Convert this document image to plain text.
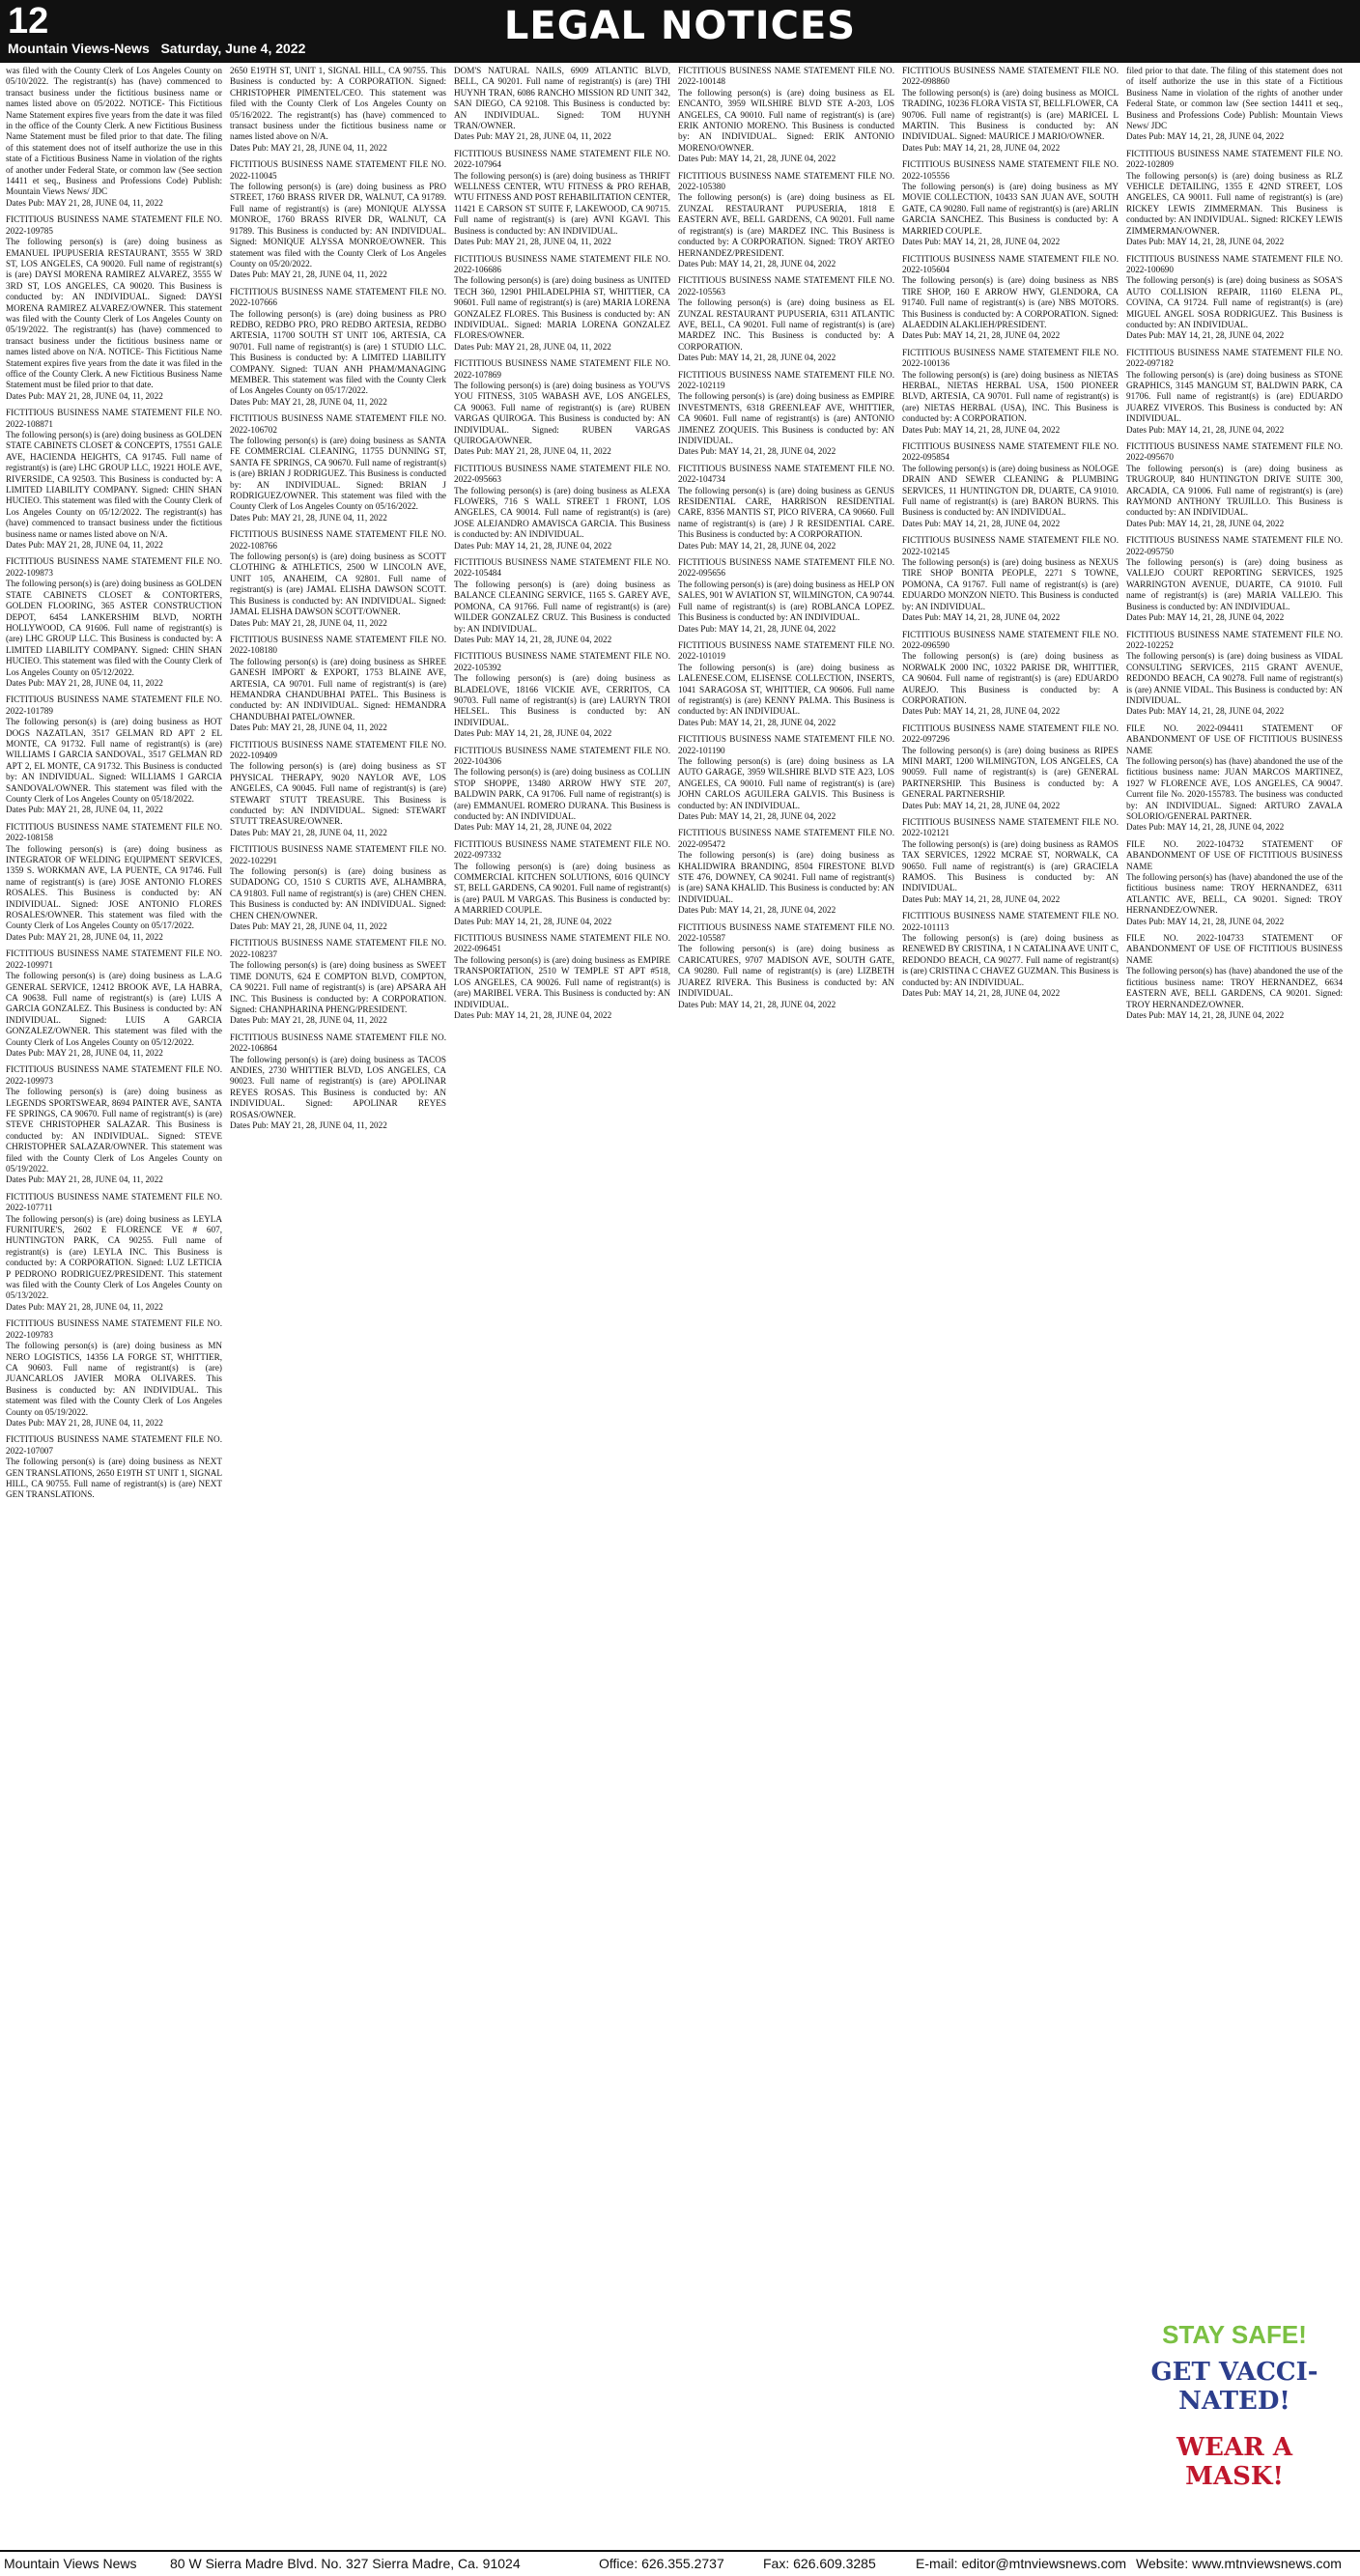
12	LEGAL NOTICES
Mountain Views-News Saturday, June 4, 2022

was filed with the County Clerk of Los Angeles County on 05/10/2022. The registrant(s) has (have) commenced to transact business under the fictitious business name or names listed above on 05/2022. NOTICE- This Fictitious Name Statement expires five years from the date it was filed in the office of the County Clerk. A new Fictitious Business Name Statement must be filed prior to that date. The filing of this statement does not of itself authorize the use in this state of a Fictitious Business Name in violation of the rights of another under Federal State, or common law (See section 14411 et seq., Business and Professions Code) Publish: Mountain Views News/ JDC
Dates Pub: MAY 21, 28, JUNE 04, 11, 2022

FICTITIOUS BUSINESS NAME STATEMENT FILE NO. 2022-109785

The following person(s) is (are) doing business as EMANUEL IPUPUSERIA RESTAURANT, 3555 W 3RD ST, LOS ANGELES, CA 90020. Full name of registrant(s) is (are) DAYSI MORENA RAMIREZ ALVAREZ, 3555 W 3RD ST, LOS ANGELES, CA 90020. This Business is conducted by: AN INDIVIDUAL. Signed: DAYSI MORENA RAMIREZ ALVAREZ/OWNER. This statement was filed with the County Clerk of Los Angeles County on 05/19/2022. The registrant(s) has (have) commenced to transact business under the fictitious business name or names listed above on N/A. NOTICE- This Fictitious Name Statement expires five years from the date it was filed in the office of the County Clerk. A new Fictitious Business Name Statement must be filed prior to that date.
Dates Pub: MAY 21, 28, JUNE 04, 11, 2022

FICTITIOUS BUSINESS NAME STATEMENT FILE NO. 2022-108871

The following person(s) is (are) doing business as GOLDEN STATE CABINETS CLOSET & CONCEPTS, 17551 GALE AVE, HACIENDA HEIGHTS, CA 91745. Full name of registrant(s) is (are) LHC GROUP LLC, 19221 HOLE AVE, RIVERSIDE, CA 92503. This Business is conducted by: A LIMITED LIABILITY COMPANY. Signed: CHIN SHAN HUCIEO. This statement was filed with the County Clerk of Los Angeles County on 05/12/2022. The registrant(s) has (have) commenced to transact business under the fictitious business name or names listed above on N/A.
Dates Pub: MAY 21, 28, JUNE 04, 11, 2022

FICTITIOUS BUSINESS NAME STATEMENT FILE NO. 2022-109873

The following person(s) is (are) doing business as GOLDEN STATE CABINETS CLOSET & CONTORTERS, GOLDEN FLOORING, 365 ASTER CONSTRUCTION DEPOT, 6454 LANKERSHIM BLVD, NORTH HOLLYWOOD, CA 91606. Full name of registrant(s) is (are) LHC GROUP LLC. This Business is conducted by: A LIMITED LIABILITY COMPANY. Signed: CHIN SHAN HUCIEO. This statement was filed with the County Clerk of Los Angeles County on 05/12/2022.
Dates Pub: MAY 21, 28, JUNE 04, 11, 2022

FICTITIOUS BUSINESS NAME STATEMENT FILE NO. 2022-101789

The following person(s) is (are) doing business as HOT DOGS NAZATLAN, 3517 GELMAN RD APT 2 EL MONTE, CA 91732. Full name of registrant(s) is (are) WILLIAMS I GARCIA SANDOVAL, 3517 GELMAN RD APT 2, EL MONTE, CA 91732. This Business is conducted by: AN INDIVIDUAL. Signed: WILLIAMS I GARCIA SANDOVAL/OWNER. This statement was filed with the County Clerk of Los Angeles County on 05/18/2022.
Dates Pub: MAY 21, 28, JUNE 04, 11, 2022

FICTITIOUS BUSINESS NAME STATEMENT FILE NO. 2022-108158

The following person(s) is (are) doing business as INTEGRATOR OF WELDING EQUIPMENT SERVICES, 1359 S. WORKMAN AVE, LA PUENTE, CA 91746. Full name of registrant(s) is (are) JOSE ANTONIO FLORES ROSALES. This Business is conducted by: AN INDIVIDUAL. Signed: JOSE ANTONIO FLORES ROSALES/OWNER. This statement was filed with the County Clerk of Los Angeles County on 05/17/2022.
Dates Pub: MAY 21, 28, JUNE 04, 11, 2022

FICTITIOUS BUSINESS NAME STATEMENT FILE NO. 2022-109971

The following person(s) is (are) doing business as L.A.G GENERAL SERVICE, 12412 BROOK AVE, LA HABRA, CA 90638. Full name of registrant(s) is (are) LUIS A GARCIA GONZALEZ. This Business is conducted by: AN INDIVIDUAL. Signed: LUIS A GARCIA GONZALEZ/OWNER. This statement was filed with the County Clerk of Los Angeles County on 05/12/2022.
Dates Pub: MAY 21, 28, JUNE 04, 11, 2022

FICTITIOUS BUSINESS NAME STATEMENT FILE NO. 2022-109973

The following person(s) is (are) doing business as LEGENDS SPORTSWEAR, 8694 PAINTER AVE, SANTA FE SPRINGS, CA 90670. Full name of registrant(s) is (are) STEVE CHRISTOPHER SALAZAR. This Business is conducted by: AN INDIVIDUAL. Signed: STEVE CHRISTOPHER SALAZAR/OWNER. This statement was filed with the County Clerk of Los Angeles County on 05/19/2022.
Dates Pub: MAY 21, 28, JUNE 04, 11, 2022

FICTITIOUS BUSINESS NAME STATEMENT FILE NO. 2022-107711

The following person(s) is (are) doing business as LEYLA FURNITURE'S, 2602 E FLORENCE VE # 607, HUNTINGTON PARK, CA 90255. Full name of registrant(s) is (are) LEYLA INC. This Business is conducted by: A CORPORATION. Signed: LUZ LETICIA P PEDRONO RODRIGUEZ/PRESIDENT. This statement was filed with the County Clerk of Los Angeles County on 05/13/2022.
Dates Pub: MAY 21, 28, JUNE 04, 11, 2022

FICTITIOUS BUSINESS NAME STATEMENT FILE NO. 2022-109783

The following person(s) is (are) doing business as MN NERO LOGISTICS, 14356 LA FORGE ST, WHITTIER, CA 90603. Full name of registrant(s) is (are) JUANCARLOS JAVIER MORA OLIVARES. This Business is conducted by: AN INDIVIDUAL. This statement was filed with the County Clerk of Los Angeles County on 05/19/2022.
Dates Pub: MAY 21, 28, JUNE 04, 11, 2022

FICTITIOUS BUSINESS NAME STATEMENT FILE NO. 2022-107007

The following person(s) is (are) doing business as NEXT GEN TRANSLATIONS, 2650 E19TH ST UNIT 1, SIGNAL HILL, CA 90755. Full name of registrant(s) is (are) NEXT GEN TRANSLATIONS.

2650 E19TH ST, UNIT 1, SIGNAL HILL, CA 90755. This Business is conducted by: A CORPORATION. Signed: CHRISTOPHER PIMENTEL/CEO. This statement was filed with the County Clerk of Los Angeles County on 05/16/2022. The registrant(s) has (have) commenced to transact business under the fictitious business name or names listed above on N/A.
Dates Pub: MAY 21, 28, JUNE 04, 11, 2022

FICTITIOUS BUSINESS NAME STATEMENT FILE NO. 2022-110045

The following person(s) is (are) doing business as PRO STREET, 1760 BRASS RIVER DR, WALNUT, CA 91789. Full name of registrant(s) is (are) MONIQUE ALYSSA MONROE, 1760 BRASS RIVER DR, WALNUT, CA 91789. This Business is conducted by: AN INDIVIDUAL. Signed: MONIQUE ALYSSA MONROE/OWNER. This statement was filed with the County Clerk of Los Angeles County on 05/20/2022.
Dates Pub: MAY 21, 28, JUNE 04, 11, 2022

FICTITIOUS BUSINESS NAME STATEMENT FILE NO. 2022-107666

The following person(s) is (are) doing business as PRO REDBO, REDBO PRO, PRO REDBO ARTESIA, REDBO ARTESIA, 11700 SOUTH ST UNIT 106, ARTESIA, CA 90701. Full name of registrant(s) is (are) 1 STUDIO LLC. This Business is conducted by: A LIMITED LIABILITY COMPANY. Signed: TUAN ANH PHAM/MANAGING MEMBER. This statement was filed with the County Clerk of Los Angeles County on 05/17/2022.
Dates Pub: MAY 21, 28, JUNE 04, 11, 2022

FICTITIOUS BUSINESS NAME STATEMENT FILE NO. 2022-106702

The following person(s) is (are) doing business as SANTA FE COMMERCIAL CLEANING, 11755 DUNNING ST, SANTA FE SPRINGS, CA 90670. Full name of registrant(s) is (are) BRIAN J RODRIGUEZ. This Business is conducted by: AN INDIVIDUAL. Signed: BRIAN J RODRIGUEZ/OWNER. This statement was filed with the County Clerk of Los Angeles County on 05/16/2022.
Dates Pub: MAY 21, 28, JUNE 04, 11, 2022

FICTITIOUS BUSINESS NAME STATEMENT FILE NO. 2022-108766

The following person(s) is (are) doing business as SCOTT CLOTHING & ATHLETICS, 2500 W LINCOLN AVE, UNIT 105, ANAHEIM, CA 92801. Full name of registrant(s) is (are) JAMAL ELISHA DAWSON SCOTT. This Business is conducted by: AN INDIVIDUAL. Signed: JAMAL ELISHA DAWSON SCOTT/OWNER.
Dates Pub: MAY 21, 28, JUNE 04, 11, 2022

FICTITIOUS BUSINESS NAME STATEMENT FILE NO. 2022-108180

The following person(s) is (are) doing business as SHREE GANESH IMPORT & EXPORT, 1753 BLAINE AVE, ARTESIA, CA 90701. Full name of registrant(s) is (are) HEMANDRA CHANDUBHAI PATEL. This Business is conducted by: AN INDIVIDUAL. Signed: HEMANDRA CHANDUBHAI PATEL/OWNER.
Dates Pub: MAY 21, 28, JUNE 04, 11, 2022

FICTITIOUS BUSINESS NAME STATEMENT FILE NO. 2022-109409

The following person(s) is (are) doing business as ST PHYSICAL THERAPY, 9020 NAYLOR AVE, LOS ANGELES, CA 90045. Full name of registrant(s) is (are) STEWART STUTT TREASURE. This Business is conducted by: AN INDIVIDUAL. Signed: STEWART STUTT TREASURE/OWNER.
Dates Pub: MAY 21, 28, JUNE 04, 11, 2022

FICTITIOUS BUSINESS NAME STATEMENT FILE NO. 2022-102291

The following person(s) is (are) doing business as SUDADONG CO, 1510 S CURTIS AVE, ALHAMBRA, CA 91803. Full name of registrant(s) is (are) CHEN CHEN. This Business is conducted by: AN INDIVIDUAL. Signed: CHEN CHEN/OWNER.
Dates Pub: MAY 21, 28, JUNE 04, 11, 2022

FICTITIOUS BUSINESS NAME STATEMENT FILE NO. 2022-108237

The following person(s) is (are) doing business as SWEET TIME DONUTS, 624 E COMPTON BLVD, COMPTON, CA 90221. Full name of registrant(s) is (are) APSARA AH INC. This Business is conducted by: A CORPORATION. Signed: CHANPHARINA PHENG/PRESIDENT.
Dates Pub: MAY 21, 28, JUNE 04, 11, 2022

FICTITIOUS BUSINESS NAME STATEMENT FILE NO. 2022-106864

The following person(s) is (are) doing business as TACOS ANDIES, 2730 WHITTIER BLVD, LOS ANGELES, CA 90023. Full name of registrant(s) is (are) APOLINAR REYES ROSAS. This Business is conducted by: AN INDIVIDUAL. Signed: APOLINAR REYES ROSAS/OWNER.
Dates Pub: MAY 21, 28, JUNE 04, 11, 2022

DOM'S NATURAL NAILS, 6909 ATLANTIC BLVD, BELL, CA 90201. Full name of registrant(s) is (are) THI HUYNH TRAN, 6086 RANCHO MISSION RD UNIT 342, SAN DIEGO, CA 92108. This Business is conducted by: AN INDIVIDUAL. Signed: TOM HUYNH TRAN/OWNER.
Dates Pub: MAY 21, 28, JUNE 04, 11, 2022

FICTITIOUS BUSINESS NAME STATEMENT FILE NO. 2022-107964

The following person(s) is (are) doing business as THRIFT WELLNESS CENTER, WTU FITNESS & PRO REHAB, WTU FITNESS AND POST REHABILITATION CENTER, 11421 E CARSON ST SUITE F, LAKEWOOD, CA 90715. Full name of registrant(s) is (are) AVNI KGAVI. This Business is conducted by: AN INDIVIDUAL.
Dates Pub: MAY 21, 28, JUNE 04, 11, 2022

FICTITIOUS BUSINESS NAME STATEMENT FILE NO. 2022-106686

The following person(s) is (are) doing business as UNITED TECH 360, 12901 PHILADELPHIA ST, WHITTIER, CA 90601. Full name of registrant(s) is (are) MARIA LORENA GONZALEZ FLORES. This Business is conducted by: AN INDIVIDUAL. Signed: MARIA LORENA GONZALEZ FLORES/OWNER.
Dates Pub: MAY 21, 28, JUNE 04, 11, 2022

FICTITIOUS BUSINESS NAME STATEMENT FILE NO. 2022-107869

The following person(s) is (are) doing business as YOU'VS YOU FITNESS, 3105 WABASH AVE, LOS ANGELES, CA 90063. Full name of registrant(s) is (are) RUBEN VARGAS QUIROGA. This Business is conducted by: AN INDIVIDUAL. Signed: RUBEN VARGAS QUIROGA/OWNER.
Dates Pub: MAY 21, 28, JUNE 04, 11, 2022

FICTITIOUS BUSINESS NAME STATEMENT FILE NO. 2022-095663

The following person(s) is (are) doing business as ALEXA FLOWERS, 716 S WALL STREET 1 FRONT, LOS ANGELES, CA 90014. Full name of registrant(s) is (are) JOSE ALEJANDRO AMAVISCA GARCIA. This Business is conducted by: AN INDIVIDUAL.
Dates Pub: MAY 14, 21, 28, JUNE 04, 2022

FICTITIOUS BUSINESS NAME STATEMENT FILE NO. 2022-105484

The following person(s) is (are) doing business as BALANCE CLEANING SERVICE, 1165 S. GAREY AVE, POMONA, CA 91766. Full name of registrant(s) is (are) WILDER GONZALEZ CRUZ. This Business is conducted by: AN INDIVIDUAL.
Dates Pub: MAY 14, 21, 28, JUNE 04, 2022

FICTITIOUS BUSINESS NAME STATEMENT FILE NO. 2022-105392

The following person(s) is (are) doing business as BLADELOVE, 18166 VICKIE AVE, CERRITOS, CA 90703. Full name of registrant(s) is (are) LAURYN TROI HELSEL. This Business is conducted by: AN INDIVIDUAL.
Dates Pub: MAY 14, 21, 28, JUNE 04, 2022

FICTITIOUS BUSINESS NAME STATEMENT FILE NO. 2022-104306

The following person(s) is (are) doing business as COLLIN STOP SHOPPE, 13480 ARROW HWY STE 207, BALDWIN PARK, CA 91706. Full name of registrant(s) is (are) EMMANUEL ROMERO DURANA. This Business is conducted by: AN INDIVIDUAL.
Dates Pub: MAY 14, 21, 28, JUNE 04, 2022

FICTITIOUS BUSINESS NAME STATEMENT FILE NO. 2022-097332

The following person(s) is (are) doing business as COMMERCIAL KITCHEN SOLUTIONS, 6016 QUINCY ST, BELL GARDENS, CA 90201. Full name of registrant(s) is (are) PAUL M VARGAS. This Business is conducted by: A MARRIED COUPLE.
Dates Pub: MAY 14, 21, 28, JUNE 04, 2022

FICTITIOUS BUSINESS NAME STATEMENT FILE NO. 2022-096451

The following person(s) is (are) doing business as EMPIRE TRANSPORTATION, 2510 W TEMPLE ST APT #518, LOS ANGELES, CA 90026. Full name of registrant(s) is (are) MARIBEL VERA. This Business is conducted by: AN INDIVIDUAL.
Dates Pub: MAY 14, 21, 28, JUNE 04, 2022

FICTITIOUS BUSINESS NAME STATEMENT FILE NO. 2022-100148

The following person(s) is (are) doing business as EL ENCANTO, 3959 WILSHIRE BLVD STE A-203, LOS ANGELES, CA 90010. Full name of registrant(s) is (are) ERIK ANTONIO MORENO. This Business is conducted by: AN INDIVIDUAL. Signed: ERIK ANTONIO MORENO/OWNER.
Dates Pub: MAY 14, 21, 28, JUNE 04, 2022

FICTITIOUS BUSINESS NAME STATEMENT FILE NO. 2022-105380

The following person(s) is (are) doing business as EL ZUNZAL RESTAURANT PUPUSERIA, 1818 E EASTERN AVE, BELL GARDENS, CA 90201. Full name of registrant(s) is (are) MARDEZ INC. This Business is conducted by: A CORPORATION. Signed: TROY ARTEO HERNANDEZ/PRESIDENT.
Dates Pub: MAY 14, 21, 28, JUNE 04, 2022

FICTITIOUS BUSINESS NAME STATEMENT FILE NO. 2022-105563

The following person(s) is (are) doing business as EL ZUNZAL RESTAURANT PUPUSERIA, 6311 ATLANTIC AVE, BELL, CA 90201. Full name of registrant(s) is (are) MARDEZ INC. This Business is conducted by: A CORPORATION.
Dates Pub: MAY 14, 21, 28, JUNE 04, 2022

FICTITIOUS BUSINESS NAME STATEMENT FILE NO. 2022-102119

The following person(s) is (are) doing business as EMPIRE INVESTMENTS, 6318 GREENLEAF AVE, WHITTIER, CA 90601. Full name of registrant(s) is (are) ANTONIO JIMENEZ ZOQUEIS. This Business is conducted by: AN INDIVIDUAL.
Dates Pub: MAY 14, 21, 28, JUNE 04, 2022

FICTITIOUS BUSINESS NAME STATEMENT FILE NO. 2022-104734

The following person(s) is (are) doing business as GENUS RESIDENTIAL CARE, HARRISON RESIDENTIAL CARE, 8356 MANTIS ST, PICO RIVERA, CA 90660. Full name of registrant(s) is (are) J R RESIDENTIAL CARE. This Business is conducted by: A CORPORATION.
Dates Pub: MAY 14, 21, 28, JUNE 04, 2022

FICTITIOUS BUSINESS NAME STATEMENT FILE NO. 2022-095656

The following person(s) is (are) doing business as HELP ON SALES, 901 W AVIATION ST, WILMINGTON, CA 90744. Full name of registrant(s) is (are) ROBLANCA LOPEZ. This Business is conducted by: AN INDIVIDUAL.
Dates Pub: MAY 14, 21, 28, JUNE 04, 2022

FICTITIOUS BUSINESS NAME STATEMENT FILE NO. 2022-101019

The following person(s) is (are) doing business as LALENESE.COM, ELISENSE COLLECTION, INSERTS, 1041 SARAGOSA ST, WHITTIER, CA 90606. Full name of registrant(s) is (are) KENNY PALMA. This Business is conducted by: AN INDIVIDUAL.
Dates Pub: MAY 14, 21, 28, JUNE 04, 2022

FICTITIOUS BUSINESS NAME STATEMENT FILE NO. 2022-101190

The following person(s) is (are) doing business as LA AUTO GARAGE, 3959 WILSHIRE BLVD STE A23, LOS ANGELES, CA 90010. Full name of registrant(s) is (are) JOHN CARLOS AGUILERA GALVIS. This Business is conducted by: AN INDIVIDUAL.
Dates Pub: MAY 14, 21, 28, JUNE 04, 2022

FICTITIOUS BUSINESS NAME STATEMENT FILE NO. 2022-095472

The following person(s) is (are) doing business as KHALIDWIRA BRANDING, 8504 FIRESTONE BLVD STE 476, DOWNEY, CA 90241. Full name of registrant(s) is (are) SANA KHALID. This Business is conducted by: AN INDIVIDUAL.
Dates Pub: MAY 14, 21, 28, JUNE 04, 2022

FICTITIOUS BUSINESS NAME STATEMENT FILE NO. 2022-105587

The following person(s) is (are) doing business as CARICATURES, 9707 MADISON AVE, SOUTH GATE, CA 90280. Full name of registrant(s) is (are) LIZBETH JUAREZ RIVERA. This Business is conducted by: AN INDIVIDUAL.
Dates Pub: MAY 14, 21, 28, JUNE 04, 2022

FICTITIOUS BUSINESS NAME STATEMENT FILE NO. 2022-098860

The following person(s) is (are) doing business as MOICL TRADING, 10236 FLORA VISTA ST, BELLFLOWER, CA 90706. Full name of registrant(s) is (are) MARICEL L MARTIN. This Business is conducted by: AN INDIVIDUAL. Signed: MAURICE J MARIO/OWNER.
Dates Pub: MAY 14, 21, 28, JUNE 04, 2022

FICTITIOUS BUSINESS NAME STATEMENT FILE NO. 2022-105556

The following person(s) is (are) doing business as MY MOVIE COLLECTION, 10433 SAN JUAN AVE, SOUTH GATE, CA 90280. Full name of registrant(s) is (are) ARLIN GARCIA SANCHEZ. This Business is conducted by: A MARRIED COUPLE.
Dates Pub: MAY 14, 21, 28, JUNE 04, 2022

FICTITIOUS BUSINESS NAME STATEMENT FILE NO. 2022-105604

The following person(s) is (are) doing business as NBS TIRE SHOP, 160 E ARROW HWY, GLENDORA, CA 91740. Full name of registrant(s) is (are) NBS MOTORS. This Business is conducted by: A CORPORATION. Signed: ALAEDDIN ALAKLIEH/PRESIDENT.
Dates Pub: MAY 14, 21, 28, JUNE 04, 2022

FICTITIOUS BUSINESS NAME STATEMENT FILE NO. 2022-100136

The following person(s) is (are) doing business as NIETAS HERBAL, NIETAS HERBAL USA, 1500 PIONEER BLVD, ARTESIA, CA 90701. Full name of registrant(s) is (are) NIETAS HERBAL (USA), INC. This Business is conducted by: A CORPORATION.
Dates Pub: MAY 14, 21, 28, JUNE 04, 2022

FICTITIOUS BUSINESS NAME STATEMENT FILE NO. 2022-095854

The following person(s) is (are) doing business as NOLOGE DRAIN AND SEWER CLEANING & PLUMBING SERVICES, 11 HUNTINGTON DR, DUARTE, CA 91010. Full name of registrant(s) is (are) BARON BURNS. This Business is conducted by: AN INDIVIDUAL.
Dates Pub: MAY 14, 21, 28, JUNE 04, 2022

FICTITIOUS BUSINESS NAME STATEMENT FILE NO. 2022-102145

The following person(s) is (are) doing business as NEXUS TIRE SHOP BONITA PEOPLE, 2271 S TOWNE, POMONA, CA 91767. Full name of registrant(s) is (are) EDUARDO MONZON NIETO. This Business is conducted by: AN INDIVIDUAL.
Dates Pub: MAY 14, 21, 28, JUNE 04, 2022

FICTITIOUS BUSINESS NAME STATEMENT FILE NO. 2022-096590

The following person(s) is (are) doing business as NORWALK 2000 INC, 10322 PARISE DR, WHITTIER, CA 90604. Full name of registrant(s) is (are) EDUARDO AUREJO. This Business is conducted by: A CORPORATION.
Dates Pub: MAY 14, 21, 28, JUNE 04, 2022

FICTITIOUS BUSINESS NAME STATEMENT FILE NO. 2022-097296

The following person(s) is (are) doing business as RIPES MINI MART, 1200 WILMINGTON, LOS ANGELES, CA 90059. Full name of registrant(s) is (are) GENERAL PARTNERSHIP. This Business is conducted by: A GENERAL PARTNERSHIP.
Dates Pub: MAY 14, 21, 28, JUNE 04, 2022

FICTITIOUS BUSINESS NAME STATEMENT FILE NO. 2022-102121

The following person(s) is (are) doing business as RAMOS TAX SERVICES, 12922 MCRAE ST, NORWALK, CA 90650. Full name of registrant(s) is (are) GRACIELA RAMOS. This Business is conducted by: AN INDIVIDUAL.
Dates Pub: MAY 14, 21, 28, JUNE 04, 2022

FICTITIOUS BUSINESS NAME STATEMENT FILE NO. 2022-101113

The following person(s) is (are) doing business as RENEWED BY CRISTINA, 1 N CATALINA AVE UNIT C, REDONDO BEACH, CA 90277. Full name of registrant(s) is (are) CRISTINA C CHAVEZ GUZMAN. This Business is conducted by: AN INDIVIDUAL.
Dates Pub: MAY 14, 21, 28, JUNE 04, 2022

filed prior to that date. The filing of this statement does not of itself authorize the use in this state of a Fictitious Business Name in violation of the rights of another under Federal State, or common law (See section 14411 et seq., Business and Professions Code) Publish: Mountain Views News/ JDC
Dates Pub: MAY 14, 21, 28, JUNE 04, 2022

FICTITIOUS BUSINESS NAME STATEMENT FILE NO. 2022-102809

The following person(s) is (are) doing business as RLZ VEHICLE DETAILING, 1355 E 42ND STREET, LOS ANGELES, CA 90011. Full name of registrant(s) is (are) RICKEY LEWIS ZIMMERMAN. This Business is conducted by: AN INDIVIDUAL. Signed: RICKEY LEWIS ZIMMERMAN/OWNER.
Dates Pub: MAY 14, 21, 28, JUNE 04, 2022

FICTITIOUS BUSINESS NAME STATEMENT FILE NO. 2022-100690

The following person(s) is (are) doing business as SOSA'S AUTO COLLISION REPAIR, 11160 ELENA PL, COVINA, CA 91724. Full name of registrant(s) is (are) MIGUEL ANGEL SOSA RODRIGUEZ. This Business is conducted by: AN INDIVIDUAL.
Dates Pub: MAY 14, 21, 28, JUNE 04, 2022

FICTITIOUS BUSINESS NAME STATEMENT FILE NO. 2022-097182

The following person(s) is (are) doing business as STONE GRAPHICS, 3145 MANGUM ST, BALDWIN PARK, CA 91706. Full name of registrant(s) is (are) EDUARDO JUAREZ VIVEROS. This Business is conducted by: AN INDIVIDUAL.
Dates Pub: MAY 14, 21, 28, JUNE 04, 2022

FICTITIOUS BUSINESS NAME STATEMENT FILE NO. 2022-095670

The following person(s) is (are) doing business as TRUGROUP, 840 HUNTINGTON DRIVE SUITE 300, ARCADIA, CA 91006. Full name of registrant(s) is (are) RAYMOND ANTHONY TRUJILLO. This Business is conducted by: AN INDIVIDUAL.
Dates Pub: MAY 14, 21, 28, JUNE 04, 2022

FICTITIOUS BUSINESS NAME STATEMENT FILE NO. 2022-095750

The following person(s) is (are) doing business as VALLEJO COURT REPORTING SERVICES, 1925 WARRINGTON AVENUE, DUARTE, CA 91010. Full name of registrant(s) is (are) MARIA VALLEJO. This Business is conducted by: AN INDIVIDUAL.
Dates Pub: MAY 14, 21, 28, JUNE 04, 2022

FICTITIOUS BUSINESS NAME STATEMENT FILE NO. 2022-102252

The following person(s) is (are) doing business as VIDAL CONSULTING SERVICES, 2115 GRANT AVENUE, REDONDO BEACH, CA 90278. Full name of registrant(s) is (are) ANNIE VIDAL. This Business is conducted by: AN INDIVIDUAL.
Dates Pub: MAY 14, 21, 28, JUNE 04, 2022

FILE NO. 2022-094411 STATEMENT OF ABANDONMENT OF USE OF FICTITIOUS BUSINESS NAME

The following person(s) has (have) abandoned the use of the fictitious business name: JUAN MARCOS MARTINEZ, 1927 W FLORENCE AVE, LOS ANGELES, CA 90047. Current file No. 2020-155783. The business was conducted by: AN INDIVIDUAL. Signed: ARTURO ZAVALA SOLORIO/GENERAL PARTNER.
Dates Pub: MAY 14, 21, 28, JUNE 04, 2022

FILE NO. 2022-104732 STATEMENT OF ABANDONMENT OF USE OF FICTITIOUS BUSINESS NAME

The following person(s) has (have) abandoned the use of the fictitious business name: TROY HERNANDEZ, 6311 ATLANTIC AVE, BELL, CA 90201. Signed: TROY HERNANDEZ/OWNER.
Dates Pub: MAY 14, 21, 28, JUNE 04, 2022

FILE NO. 2022-104733 STATEMENT OF ABANDONMENT OF USE OF FICTITIOUS BUSINESS NAME

The following person(s) has (have) abandoned the use of the fictitious business name: TROY HERNANDEZ, 6634 EASTERN AVE, BELL GARDENS, CA 90201. Signed: TROY HERNANDEZ/OWNER.
Dates Pub: MAY 14, 21, 28, JUNE 04, 2022

STAY SAFE!
GET VACCI-
NATED!
WEAR A
MASK!
Mountain Views News 80 W Sierra Madre Blvd. No. 327 Sierra Madre, Ca. 91024	Office: 626.355.2737	Fax: 626.609.3285	E-mail: editor@mtnviewsnews.com Website: www.mtnviewsnews.com
